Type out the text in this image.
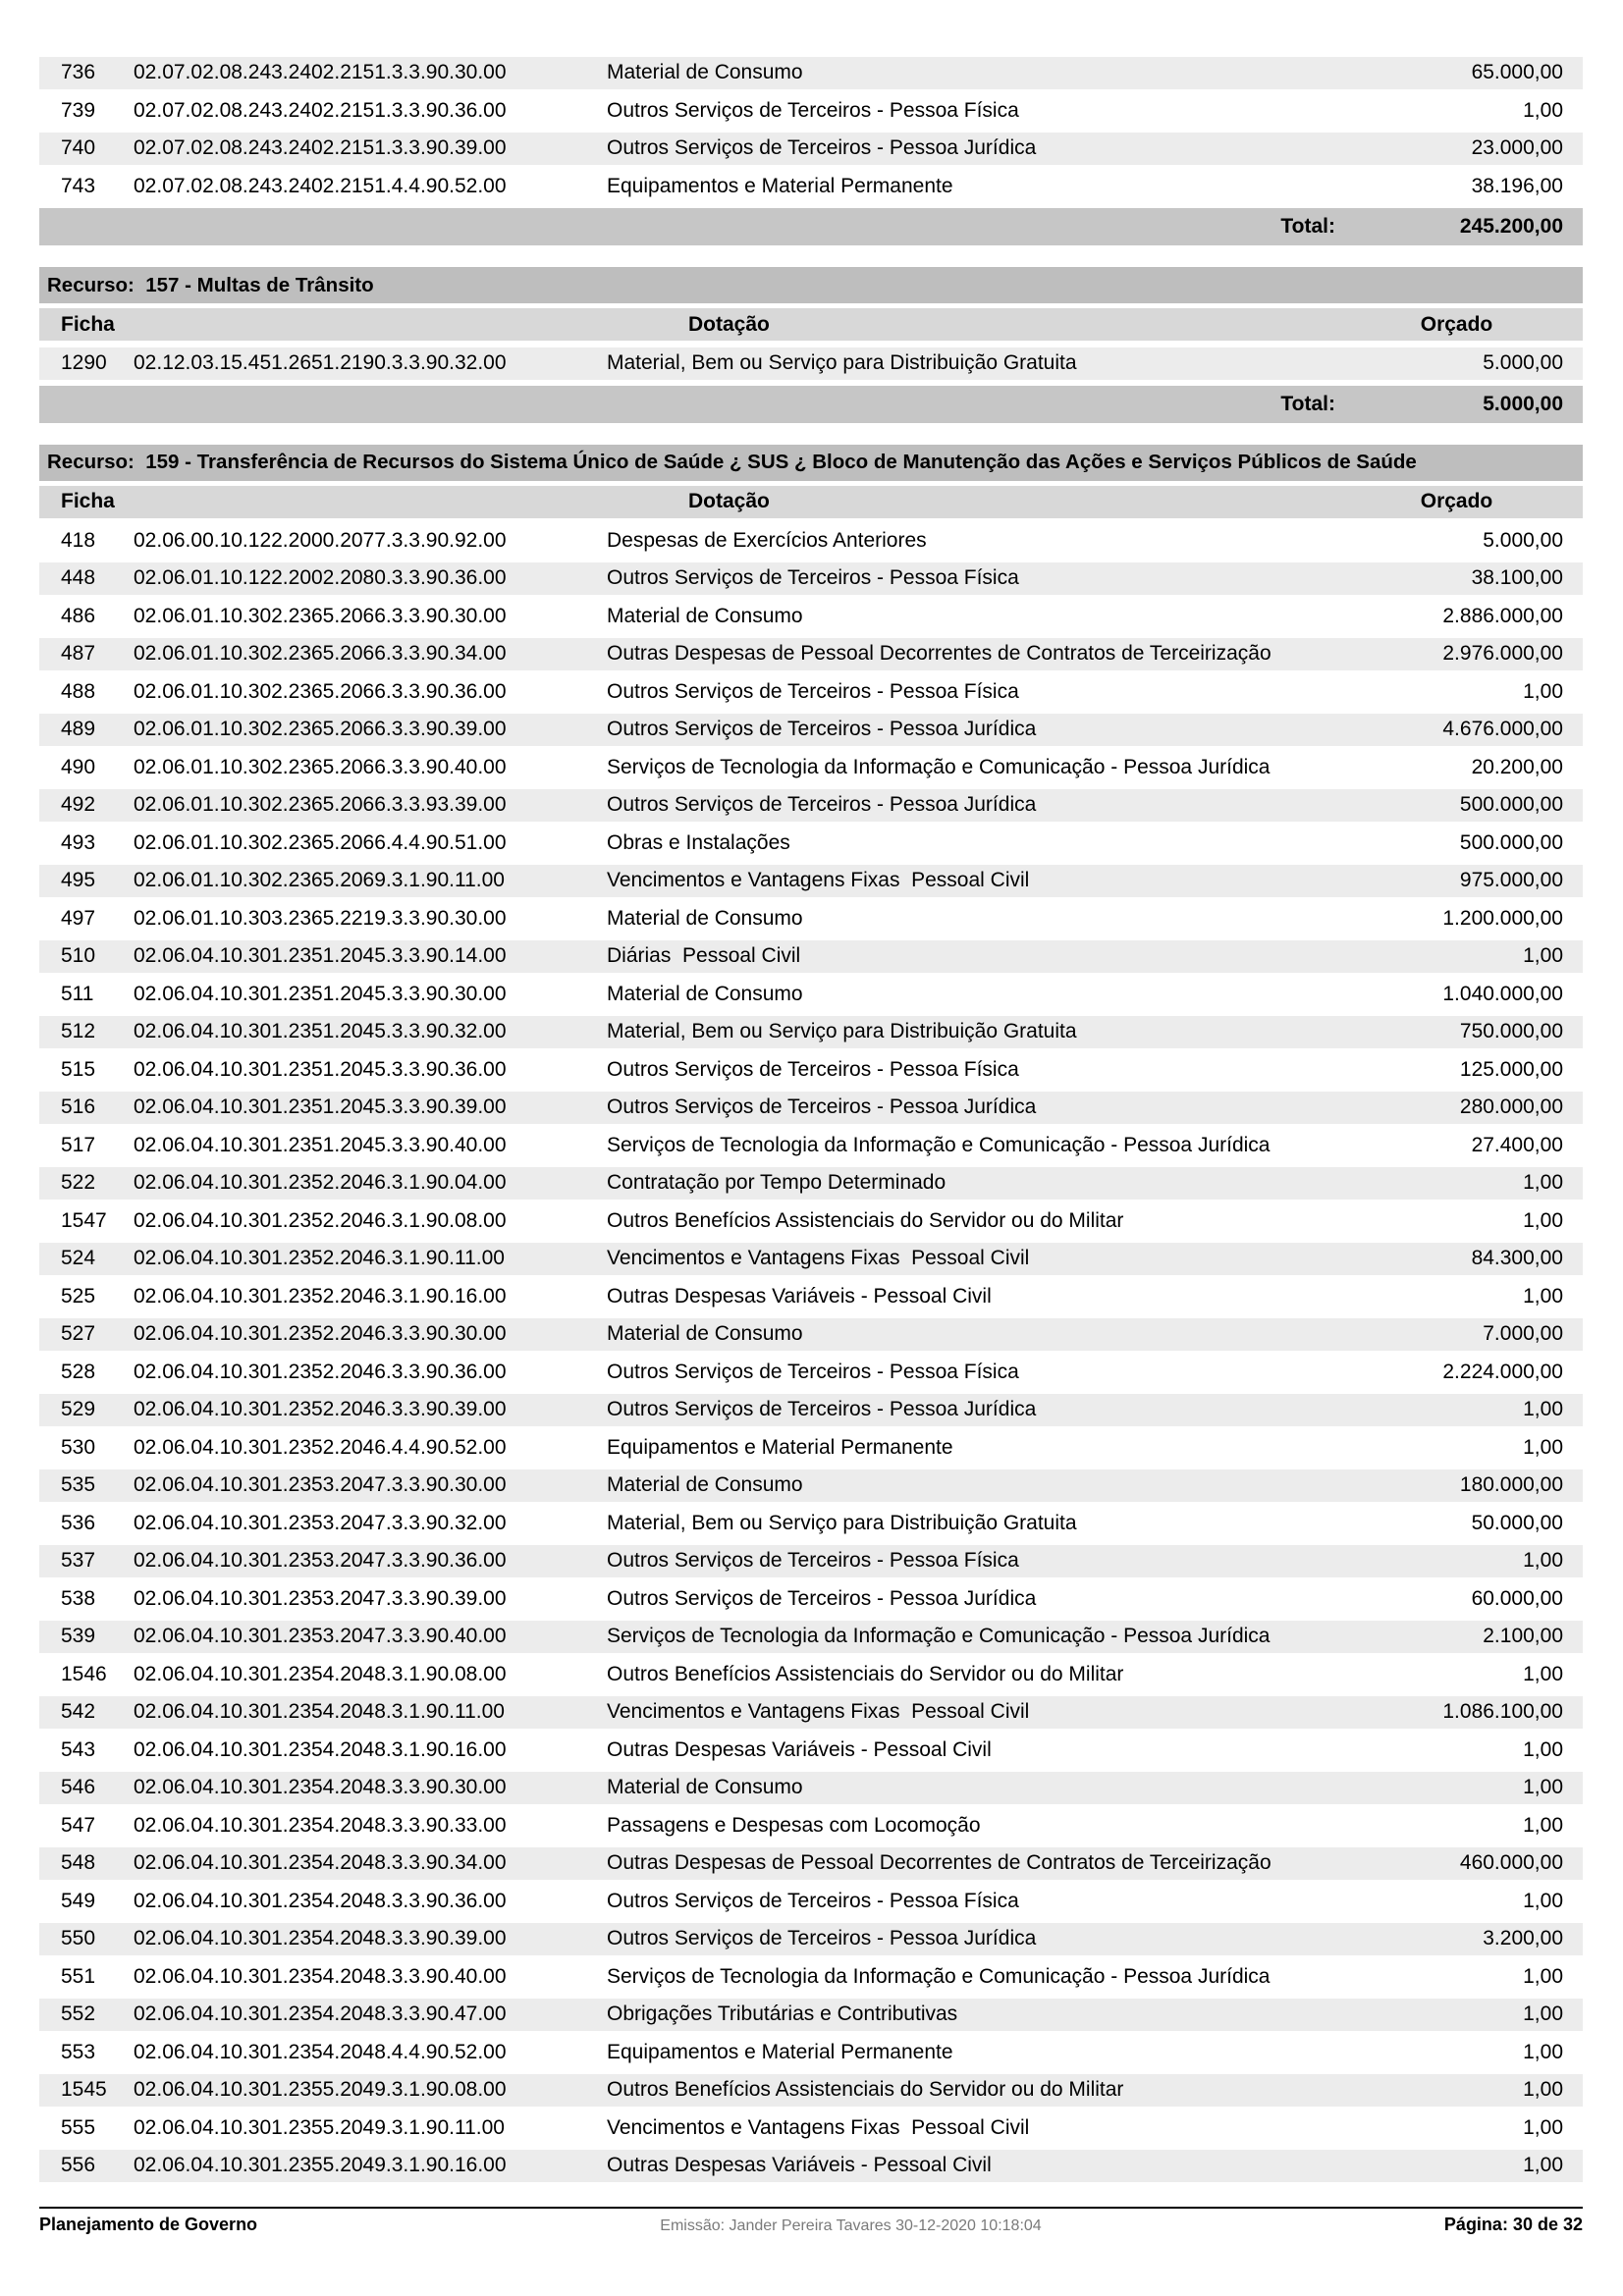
736	02.07.02.08.243.2402.2151.3.3.90.30.00	Material de Consumo	65.000,00
739	02.07.02.08.243.2402.2151.3.3.90.36.00	Outros Serviços de Terceiros - Pessoa Física	1,00
740	02.07.02.08.243.2402.2151.3.3.90.39.00	Outros Serviços de Terceiros - Pessoa Jurídica	23.000,00
743	02.07.02.08.243.2402.2151.4.4.90.52.00	Equipamentos e Material Permanente	38.196,00
Total:	245.200,00
Recurso:  157 - Multas de Trânsito
Ficha	Dotação	Orçado
1290	02.12.03.15.451.2651.2190.3.3.90.32.00	Material, Bem ou Serviço para Distribuição Gratuita	5.000,00
Total:	5.000,00
Recurso:  159 - Transferência de Recursos do Sistema Único de Saúde ¿ SUS ¿ Bloco de Manutenção das Ações e Serviços Públicos de Saúde
Ficha	Dotação	Orçado
418	02.06.00.10.122.2000.2077.3.3.90.92.00	Despesas de Exercícios Anteriores	5.000,00
448	02.06.01.10.122.2002.2080.3.3.90.36.00	Outros Serviços de Terceiros - Pessoa Física	38.100,00
486	02.06.01.10.302.2365.2066.3.3.90.30.00	Material de Consumo	2.886.000,00
487	02.06.01.10.302.2365.2066.3.3.90.34.00	Outras Despesas de Pessoal Decorrentes de Contratos de Terceirização	2.976.000,00
488	02.06.01.10.302.2365.2066.3.3.90.36.00	Outros Serviços de Terceiros - Pessoa Física	1,00
489	02.06.01.10.302.2365.2066.3.3.90.39.00	Outros Serviços de Terceiros - Pessoa Jurídica	4.676.000,00
490	02.06.01.10.302.2365.2066.3.3.90.40.00	Serviços de Tecnologia da Informação e Comunicação - Pessoa Jurídica	20.200,00
492	02.06.01.10.302.2365.2066.3.3.93.39.00	Outros Serviços de Terceiros - Pessoa Jurídica	500.000,00
493	02.06.01.10.302.2365.2066.4.4.90.51.00	Obras e Instalações	500.000,00
495	02.06.01.10.302.2365.2069.3.1.90.11.00	Vencimentos e Vantagens Fixas  Pessoal Civil	975.000,00
497	02.06.01.10.303.2365.2219.3.3.90.30.00	Material de Consumo	1.200.000,00
510	02.06.04.10.301.2351.2045.3.3.90.14.00	Diárias  Pessoal Civil	1,00
511	02.06.04.10.301.2351.2045.3.3.90.30.00	Material de Consumo	1.040.000,00
512	02.06.04.10.301.2351.2045.3.3.90.32.00	Material, Bem ou Serviço para Distribuição Gratuita	750.000,00
515	02.06.04.10.301.2351.2045.3.3.90.36.00	Outros Serviços de Terceiros - Pessoa Física	125.000,00
516	02.06.04.10.301.2351.2045.3.3.90.39.00	Outros Serviços de Terceiros - Pessoa Jurídica	280.000,00
517	02.06.04.10.301.2351.2045.3.3.90.40.00	Serviços de Tecnologia da Informação e Comunicação - Pessoa Jurídica	27.400,00
522	02.06.04.10.301.2352.2046.3.1.90.04.00	Contratação por Tempo Determinado	1,00
1547	02.06.04.10.301.2352.2046.3.1.90.08.00	Outros Benefícios Assistenciais do Servidor ou do Militar	1,00
524	02.06.04.10.301.2352.2046.3.1.90.11.00	Vencimentos e Vantagens Fixas  Pessoal Civil	84.300,00
525	02.06.04.10.301.2352.2046.3.1.90.16.00	Outras Despesas Variáveis - Pessoal Civil	1,00
527	02.06.04.10.301.2352.2046.3.3.90.30.00	Material de Consumo	7.000,00
528	02.06.04.10.301.2352.2046.3.3.90.36.00	Outros Serviços de Terceiros - Pessoa Física	2.224.000,00
529	02.06.04.10.301.2352.2046.3.3.90.39.00	Outros Serviços de Terceiros - Pessoa Jurídica	1,00
530	02.06.04.10.301.2352.2046.4.4.90.52.00	Equipamentos e Material Permanente	1,00
535	02.06.04.10.301.2353.2047.3.3.90.30.00	Material de Consumo	180.000,00
536	02.06.04.10.301.2353.2047.3.3.90.32.00	Material, Bem ou Serviço para Distribuição Gratuita	50.000,00
537	02.06.04.10.301.2353.2047.3.3.90.36.00	Outros Serviços de Terceiros - Pessoa Física	1,00
538	02.06.04.10.301.2353.2047.3.3.90.39.00	Outros Serviços de Terceiros - Pessoa Jurídica	60.000,00
539	02.06.04.10.301.2353.2047.3.3.90.40.00	Serviços de Tecnologia da Informação e Comunicação - Pessoa Jurídica	2.100,00
1546	02.06.04.10.301.2354.2048.3.1.90.08.00	Outros Benefícios Assistenciais do Servidor ou do Militar	1,00
542	02.06.04.10.301.2354.2048.3.1.90.11.00	Vencimentos e Vantagens Fixas  Pessoal Civil	1.086.100,00
543	02.06.04.10.301.2354.2048.3.1.90.16.00	Outras Despesas Variáveis - Pessoal Civil	1,00
546	02.06.04.10.301.2354.2048.3.3.90.30.00	Material de Consumo	1,00
547	02.06.04.10.301.2354.2048.3.3.90.33.00	Passagens e Despesas com Locomoção	1,00
548	02.06.04.10.301.2354.2048.3.3.90.34.00	Outras Despesas de Pessoal Decorrentes de Contratos de Terceirização	460.000,00
549	02.06.04.10.301.2354.2048.3.3.90.36.00	Outros Serviços de Terceiros - Pessoa Física	1,00
550	02.06.04.10.301.2354.2048.3.3.90.39.00	Outros Serviços de Terceiros - Pessoa Jurídica	3.200,00
551	02.06.04.10.301.2354.2048.3.3.90.40.00	Serviços de Tecnologia da Informação e Comunicação - Pessoa Jurídica	1,00
552	02.06.04.10.301.2354.2048.3.3.90.47.00	Obrigações Tributárias e Contributivas	1,00
553	02.06.04.10.301.2354.2048.4.4.90.52.00	Equipamentos e Material Permanente	1,00
1545	02.06.04.10.301.2355.2049.3.1.90.08.00	Outros Benefícios Assistenciais do Servidor ou do Militar	1,00
555	02.06.04.10.301.2355.2049.3.1.90.11.00	Vencimentos e Vantagens Fixas  Pessoal Civil	1,00
556	02.06.04.10.301.2355.2049.3.1.90.16.00	Outras Despesas Variáveis - Pessoal Civil	1,00
Planejamento de Governo	Emissão: Jander Pereira Tavares 30-12-2020 10:18:04	Página: 30 de 32
